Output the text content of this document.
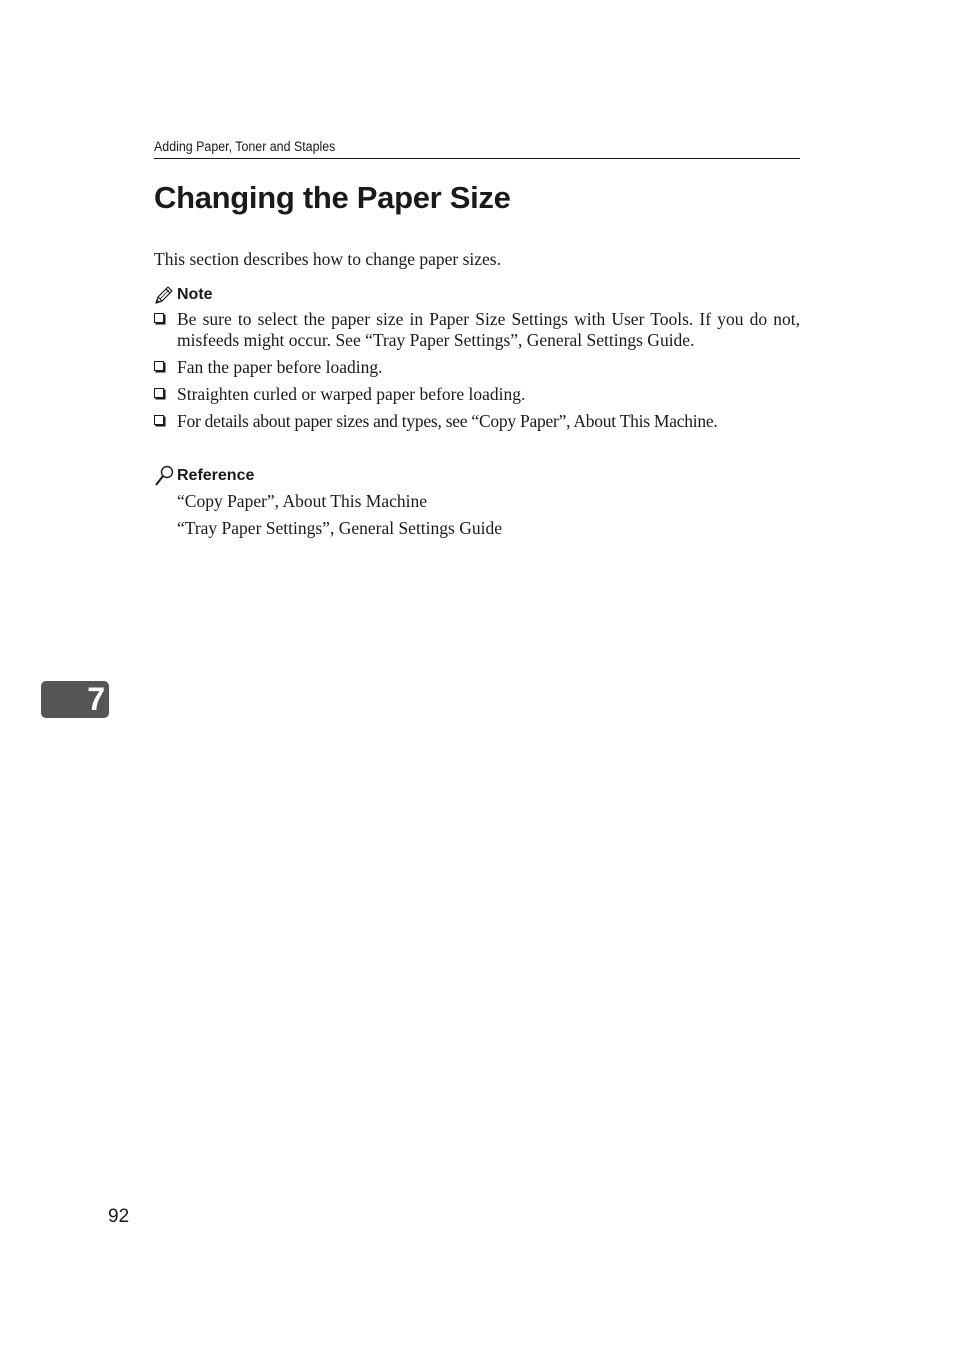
Adding Paper, Toner and Staples
Changing the Paper Size
This section describes how to change paper sizes.
Note
Be sure to select the paper size in Paper Size Settings with User Tools. If you do not, misfeeds might occur. See “Tray Paper Settings”, General Settings Guide.
Fan the paper before loading.
Straighten curled or warped paper before loading.
For details about paper sizes and types, see “Copy Paper”, About This Machine.
Reference
“Copy Paper”, About This Machine
“Tray Paper Settings”, General Settings Guide
7
92
